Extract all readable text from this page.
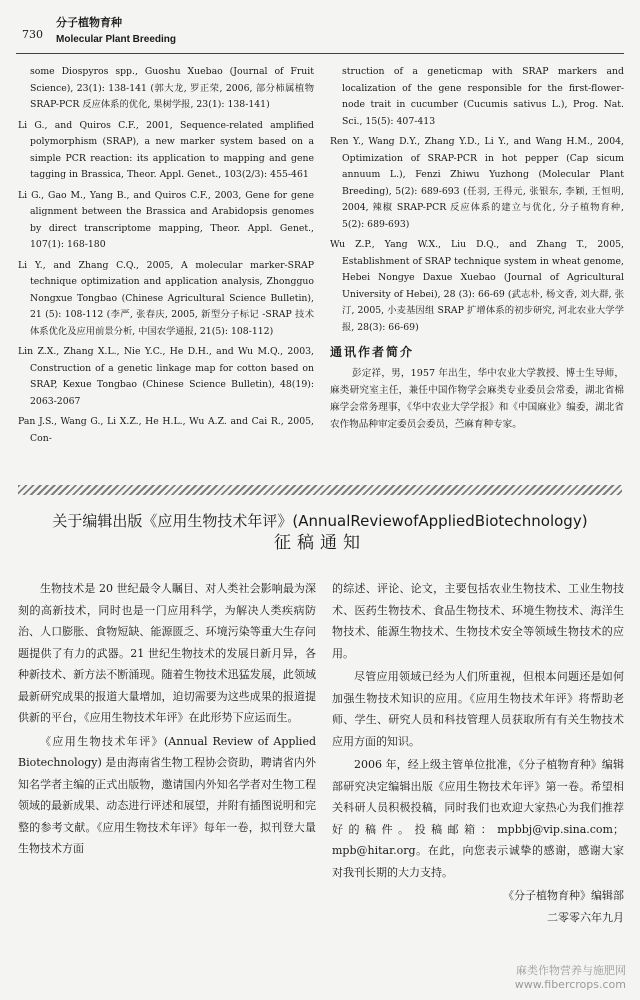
730
分子植物育种
Molecular Plant Breeding
some Diospyros spp., Guoshu Xuebao (Journal of Fruit Science), 23(1): 138-141 (郭大龙, 罗正荣, 2006, 部分柿属植物 SRAP-PCR 反应体系的优化, 果树学报, 23(1): 138-141)
Li G., and Quiros C.F., 2001, Sequence-related amplified polymorphism (SRAP), a new marker system based on a simple PCR reaction: its application to mapping and gene tagging in Brassica, Theor. Appl. Genet., 103(2/3): 455-461
Li G., Gao M., Yang B., and Quiros C.F., 2003, Gene for gene alignment between the Brassica and Arabidopsis genomes by direct transcriptome mapping, Theor. Appl. Genet., 107(1): 168-180
Li Y., and Zhang C.Q., 2005, A molecular marker-SRAP technique optimization and application analysis, Zhongguo Nongxue Tongbao (Chinese Agricultural Science Bulletin), 21 (5): 108-112 (李严, 张春庆, 2005, 新型分子标记 -SRAP 技术体系优化及应用前景分析, 中国农学通报, 21(5): 108-112)
Lin Z.X., Zhang X.L., Nie Y.C., He D.H., and Wu M.Q., 2003, Construction of a genetic linkage map for cotton based on SRAP, Kexue Tongbao (Chinese Science Bulletin), 48(19): 2063-2067
Pan J.S., Wang G., Li X.Z., He H.L., Wu A.Z. and Cai R., 2005, Con-
struction of a geneticmap with SRAP markers and localization of the gene responsible for the first-flower-node trait in cucumber (Cucumis sativus L.), Prog. Nat. Sci., 15(5): 407-413
Ren Y., Wang D.Y., Zhang Y.D., Li Y., and Wang H.M., 2004, Optimization of SRAP-PCR in hot pepper (Cap sicum annuum L.), Fenzi Zhiwu Yuzhong (Molecular Plant Breeding), 5(2): 689-693 (任羽, 王得元, 张银东, 李颖, 王恒明, 2004, 辣椒 SRAP-PCR 反应体系的建立与优化, 分子植物育种, 5(2): 689-693)
Wu Z.P., Yang W.X., Liu D.Q., and Zhang T., 2005, Establishment of SRAP technique system in wheat genome, Hebei Nongye Daxue Xuebao (Journal of Agricultural University of Hebei), 28 (3): 66-69 (武志朴, 杨文香, 刘大群, 张汀, 2005, 小麦基因组 SRAP 扩增体系的初步研究, 河北农业大学学报, 28(3): 66-69)
通讯作者简介
彭定祥，男，1957 年出生，华中农业大学教授、博士生导师，麻类研究室主任，兼任中国作物学会麻类专业委员会常委，湖北省棉麻学会常务理事，《华中农业大学学报》和《中国麻业》编委，湖北省农作物品种审定委员会委员，苎麻育种专家。
关于编辑出版《应用生物技术年评》(AnnualReviewofAppliedBiotechnology)
征稿通知

生物技术是 20 世纪最令人瞩目、对人类社会影响最为深刻的高新技术，同时也是一门应用科学，为解决人类疾病防治、人口膨胀、食物短缺、能源匮乏、环境污染等重大生存问题提供了有力的武器。21 世纪生物技术的发展日新月异，各种新技术、新方法不断涌现。随着生物技术迅猛发展，此领域最新研究成果的报道大量增加，迫切需要为这些成果的报道提供新的平台，《应用生物技术年评》在此形势下应运而生。

《应用生物技术年评》(Annual Review of Applied Biotechnology) 是由海南省生物工程协会资助，聘请省内外知名学者主编的正式出版物，邀请国内外知名学者对生物工程领域的最新成果、动态进行评述和展望，并附有插图说明和完整的参考文献。《应用生物技术年评》每年一卷，拟刊登大量生物技术方面

的综述、评论、论文，主要包括农业生物技术、工业生物技术、医药生物技术、食品生物技术、环境生物技术、海洋生物技术、能源生物技术、生物技术安全等领域生物技术的应用。

尽管应用领域已经为人们所重视，但根本问题还是如何加强生物技术知识的应用。《应用生物技术年评》将帮助老师、学生、研究人员和科技管理人员获取所有有关生物技术应用方面的知识。

2006 年，经上级主管单位批准，《分子植物育种》编辑部研究决定编辑出版《应用生物技术年评》第一卷。希望相关科研人员积极投稿，同时我们也欢迎大家热心为我们推荐好的稿件。投稿邮箱：mpbbj@vip.sina.com；mpb@hitar.org。在此，向您表示诚挚的感谢，感谢大家对我刊长期的大力支持。

《分子植物育种》编辑部

二零零六年九月

麻类作物营养与施肥网
www.fibercrops.com
